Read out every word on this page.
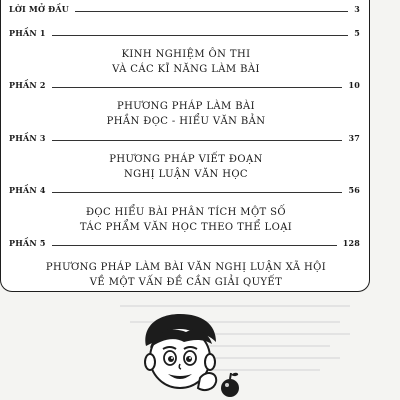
LỜI MỞ ĐẦU	3
PHẦN 1	5
KINH NGHIỆM ÔN THI
VÀ CÁC KĨ NĂNG LÀM BÀI
PHẦN 2	10
PHƯƠNG PHÁP LÀM BÀI
PHẦN ĐỌC - HIỂU VĂN BẢN
PHẦN 3	37
PHƯƠNG PHÁP VIẾT ĐOẠN
NGHỊ LUẬN VĂN HỌC
PHẦN 4	56
ĐỌC HIỂU BÀI PHÂN TÍCH MỘT SỐ
TÁC PHẨM VĂN HỌC THEO THỂ LOẠI
PHẦN 5	128
PHƯƠNG PHÁP LÀM BÀI VĂN NGHỊ LUẬN XÃ HỘI
VỀ MỘT VẤN ĐỀ CẦN GIẢI QUYẾT
